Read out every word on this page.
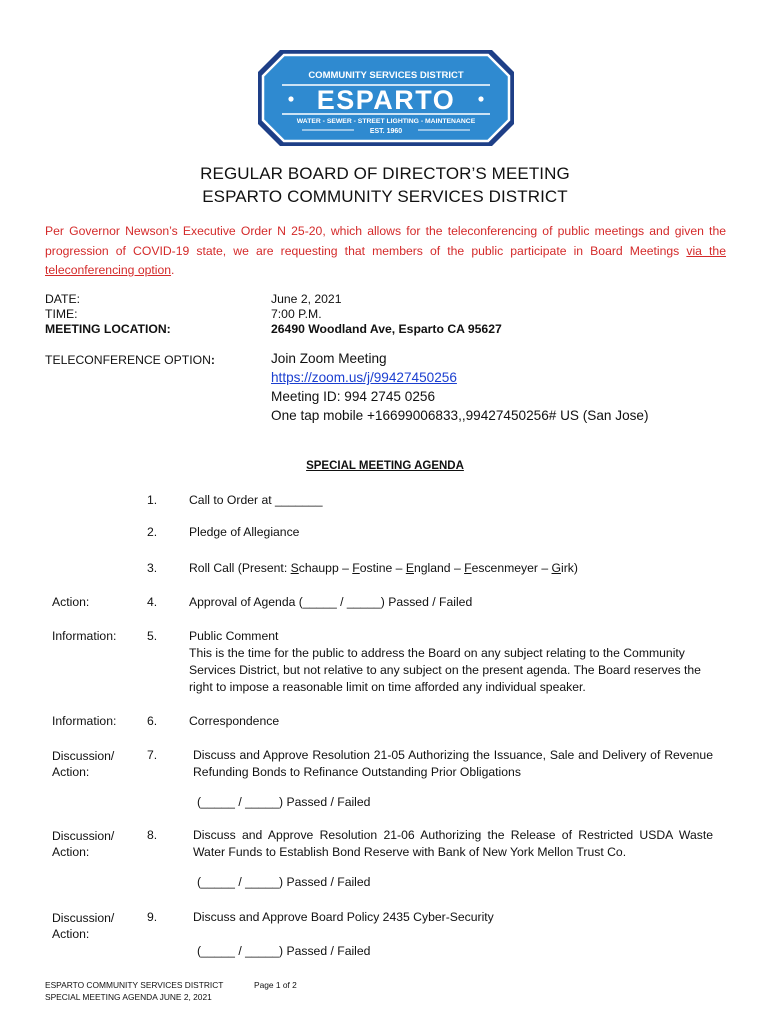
COMMUNITY SERVICES DISTRICT
ESPARTO
WATER - SEWER - STREET LIGHTING - MAINTENANCE
EST. 1960
REGULAR BOARD OF DIRECTOR’S MEETING
ESPARTO COMMUNITY SERVICES DISTRICT
Per Governor Newson’s Executive Order N 25-20, which allows for the teleconferencing of public meetings and given the progression of COVID-19 state, we are requesting that members of the public participate in Board Meetings via the teleconferencing option.
DATE:	June 2, 2021
TIME:	7:00 P.M.
MEETING LOCATION:	26490 Woodland Ave, Esparto CA 95627
TELECONFERENCE OPTION:	Join Zoom Meeting
https://zoom.us/j/99427450256
Meeting ID: 994 2745 0256
One tap mobile +16699006833,,99427450256# US (San Jose)
SPECIAL MEETING AGENDA
1.	Call to Order at _______
2.	Pledge of Allegiance
3.	Roll Call (Present: Schaupp – Fostine – England – Fescenmeyer – Girk)
Action:	4.	Approval of Agenda (_____ / _____) Passed / Failed
Information:	5.	Public Comment
This is the time for the public to address the Board on any subject relating to the Community Services District, but not relative to any subject on the present agenda. The Board reserves the right to impose a reasonable limit on time afforded any individual speaker.
Information:	6.	Correspondence
Discussion/
Action:
7.	Discuss and Approve Resolution 21-05 Authorizing the Issuance, Sale and Delivery of Revenue Refunding Bonds to Refinance Outstanding Prior Obligations
(_____ / _____) Passed / Failed
Discussion/
Action:
8.	Discuss and Approve Resolution 21-06 Authorizing the Release of Restricted USDA Waste Water Funds to Establish Bond Reserve with Bank of New York Mellon Trust Co.
(_____ / _____) Passed / Failed
Discussion/
Action:
9.	Discuss and Approve Board Policy 2435 Cyber-Security
(_____ / _____) Passed / Failed
ESPARTO COMMUNITY SERVICES DISTRICT
SPECIAL MEETING AGENDA JUNE 2, 2021
Page 1 of 2
